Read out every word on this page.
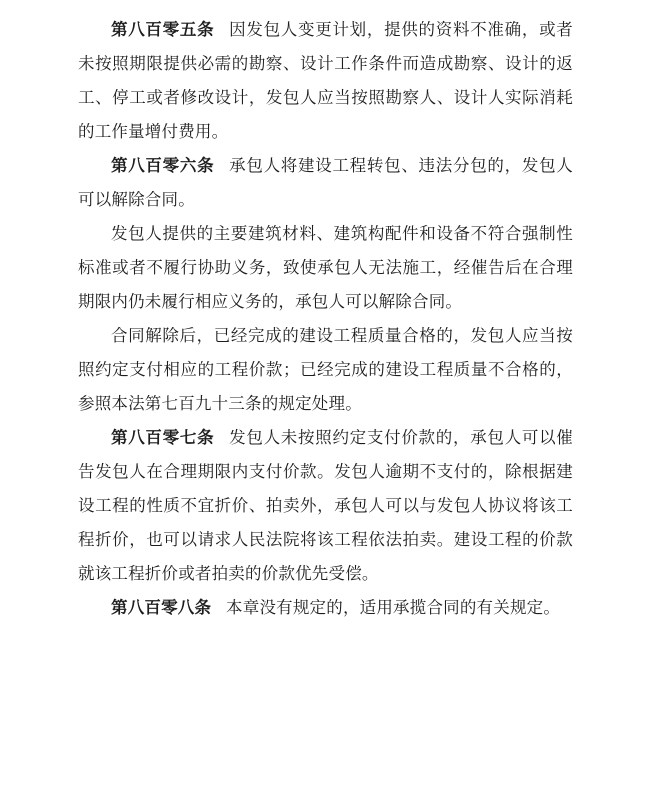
第八百零五条 因发包人变更计划，提供的资料不准确，或者未按照期限提供必需的勘察、设计工作条件而造成勘察、设计的返工、停工或者修改设计，发包人应当按照勘察人、设计人实际消耗的工作量增付费用。

第八百零六条 承包人将建设工程转包、违法分包的，发包人可以解除合同。

发包人提供的主要建筑材料、建筑构配件和设备不符合强制性标准或者不履行协助义务，致使承包人无法施工，经催告后在合理期限内仍未履行相应义务的，承包人可以解除合同。

合同解除后，已经完成的建设工程质量合格的，发包人应当按照约定支付相应的工程价款；已经完成的建设工程质量不合格的，参照本法第七百九十三条的规定处理。

第八百零七条 发包人未按照约定支付价款的，承包人可以催告发包人在合理期限内支付价款。发包人逾期不支付的，除根据建设工程的性质不宜折价、拍卖外，承包人可以与发包人协议将该工程折价，也可以请求人民法院将该工程依法拍卖。建设工程的价款就该工程折价或者拍卖的价款优先受偿。

第八百零八条 本章没有规定的，适用承揽合同的有关规定。
